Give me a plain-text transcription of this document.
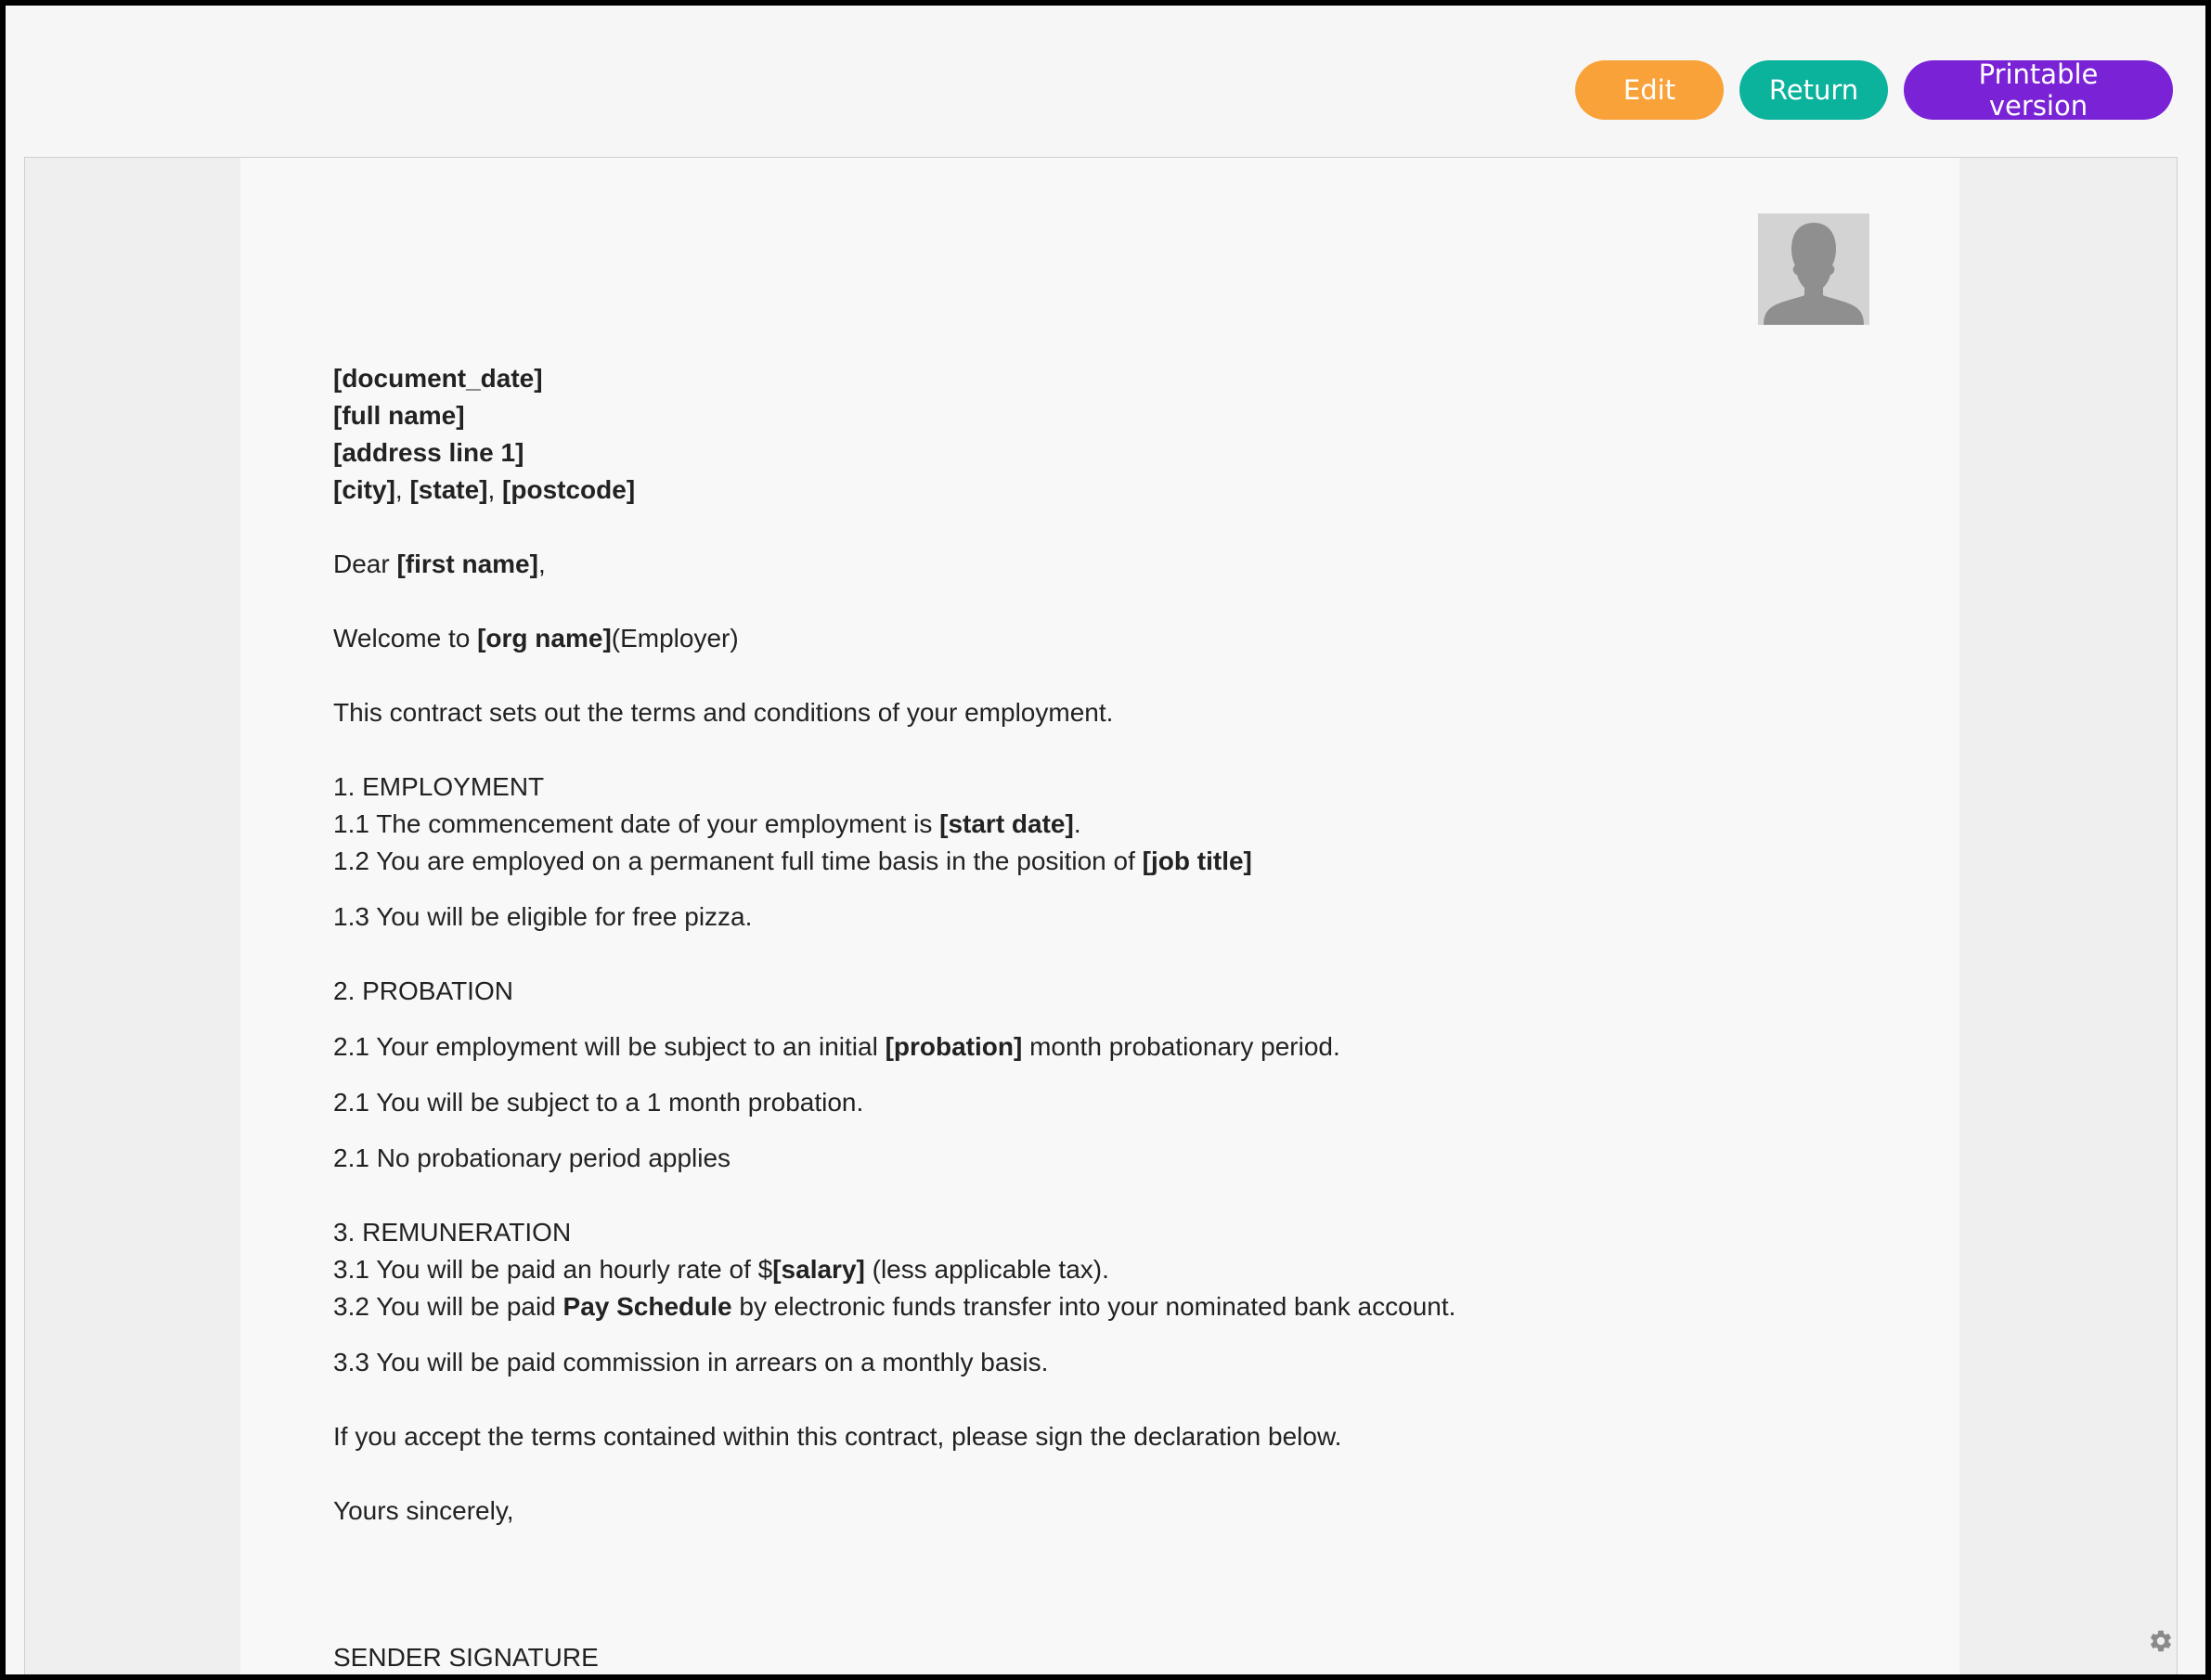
Edit	Return	Printable version
[document_date]
[full name]
[address line 1]
[city], [state], [postcode]
Dear [first name],
Welcome to [org name](Employer)
This contract sets out the terms and conditions of your employment.
1. EMPLOYMENT
1.1 The commencement date of your employment is [start date].
1.2 You are employed on a permanent full time basis in the position of [job title]
1.3 You will be eligible for free pizza.
2. PROBATION
2.1 Your employment will be subject to an initial [probation] month probationary period.
2.1 You will be subject to a 1 month probation.
2.1 No probationary period applies
3. REMUNERATION
3.1 You will be paid an hourly rate of $[salary] (less applicable tax).
3.2 You will be paid Pay Schedule by electronic funds transfer into your nominated bank account.
3.3 You will be paid commission in arrears on a monthly basis.
If you accept the terms contained within this contract, please sign the declaration below.
Yours sincerely,
SENDER SIGNATURE
